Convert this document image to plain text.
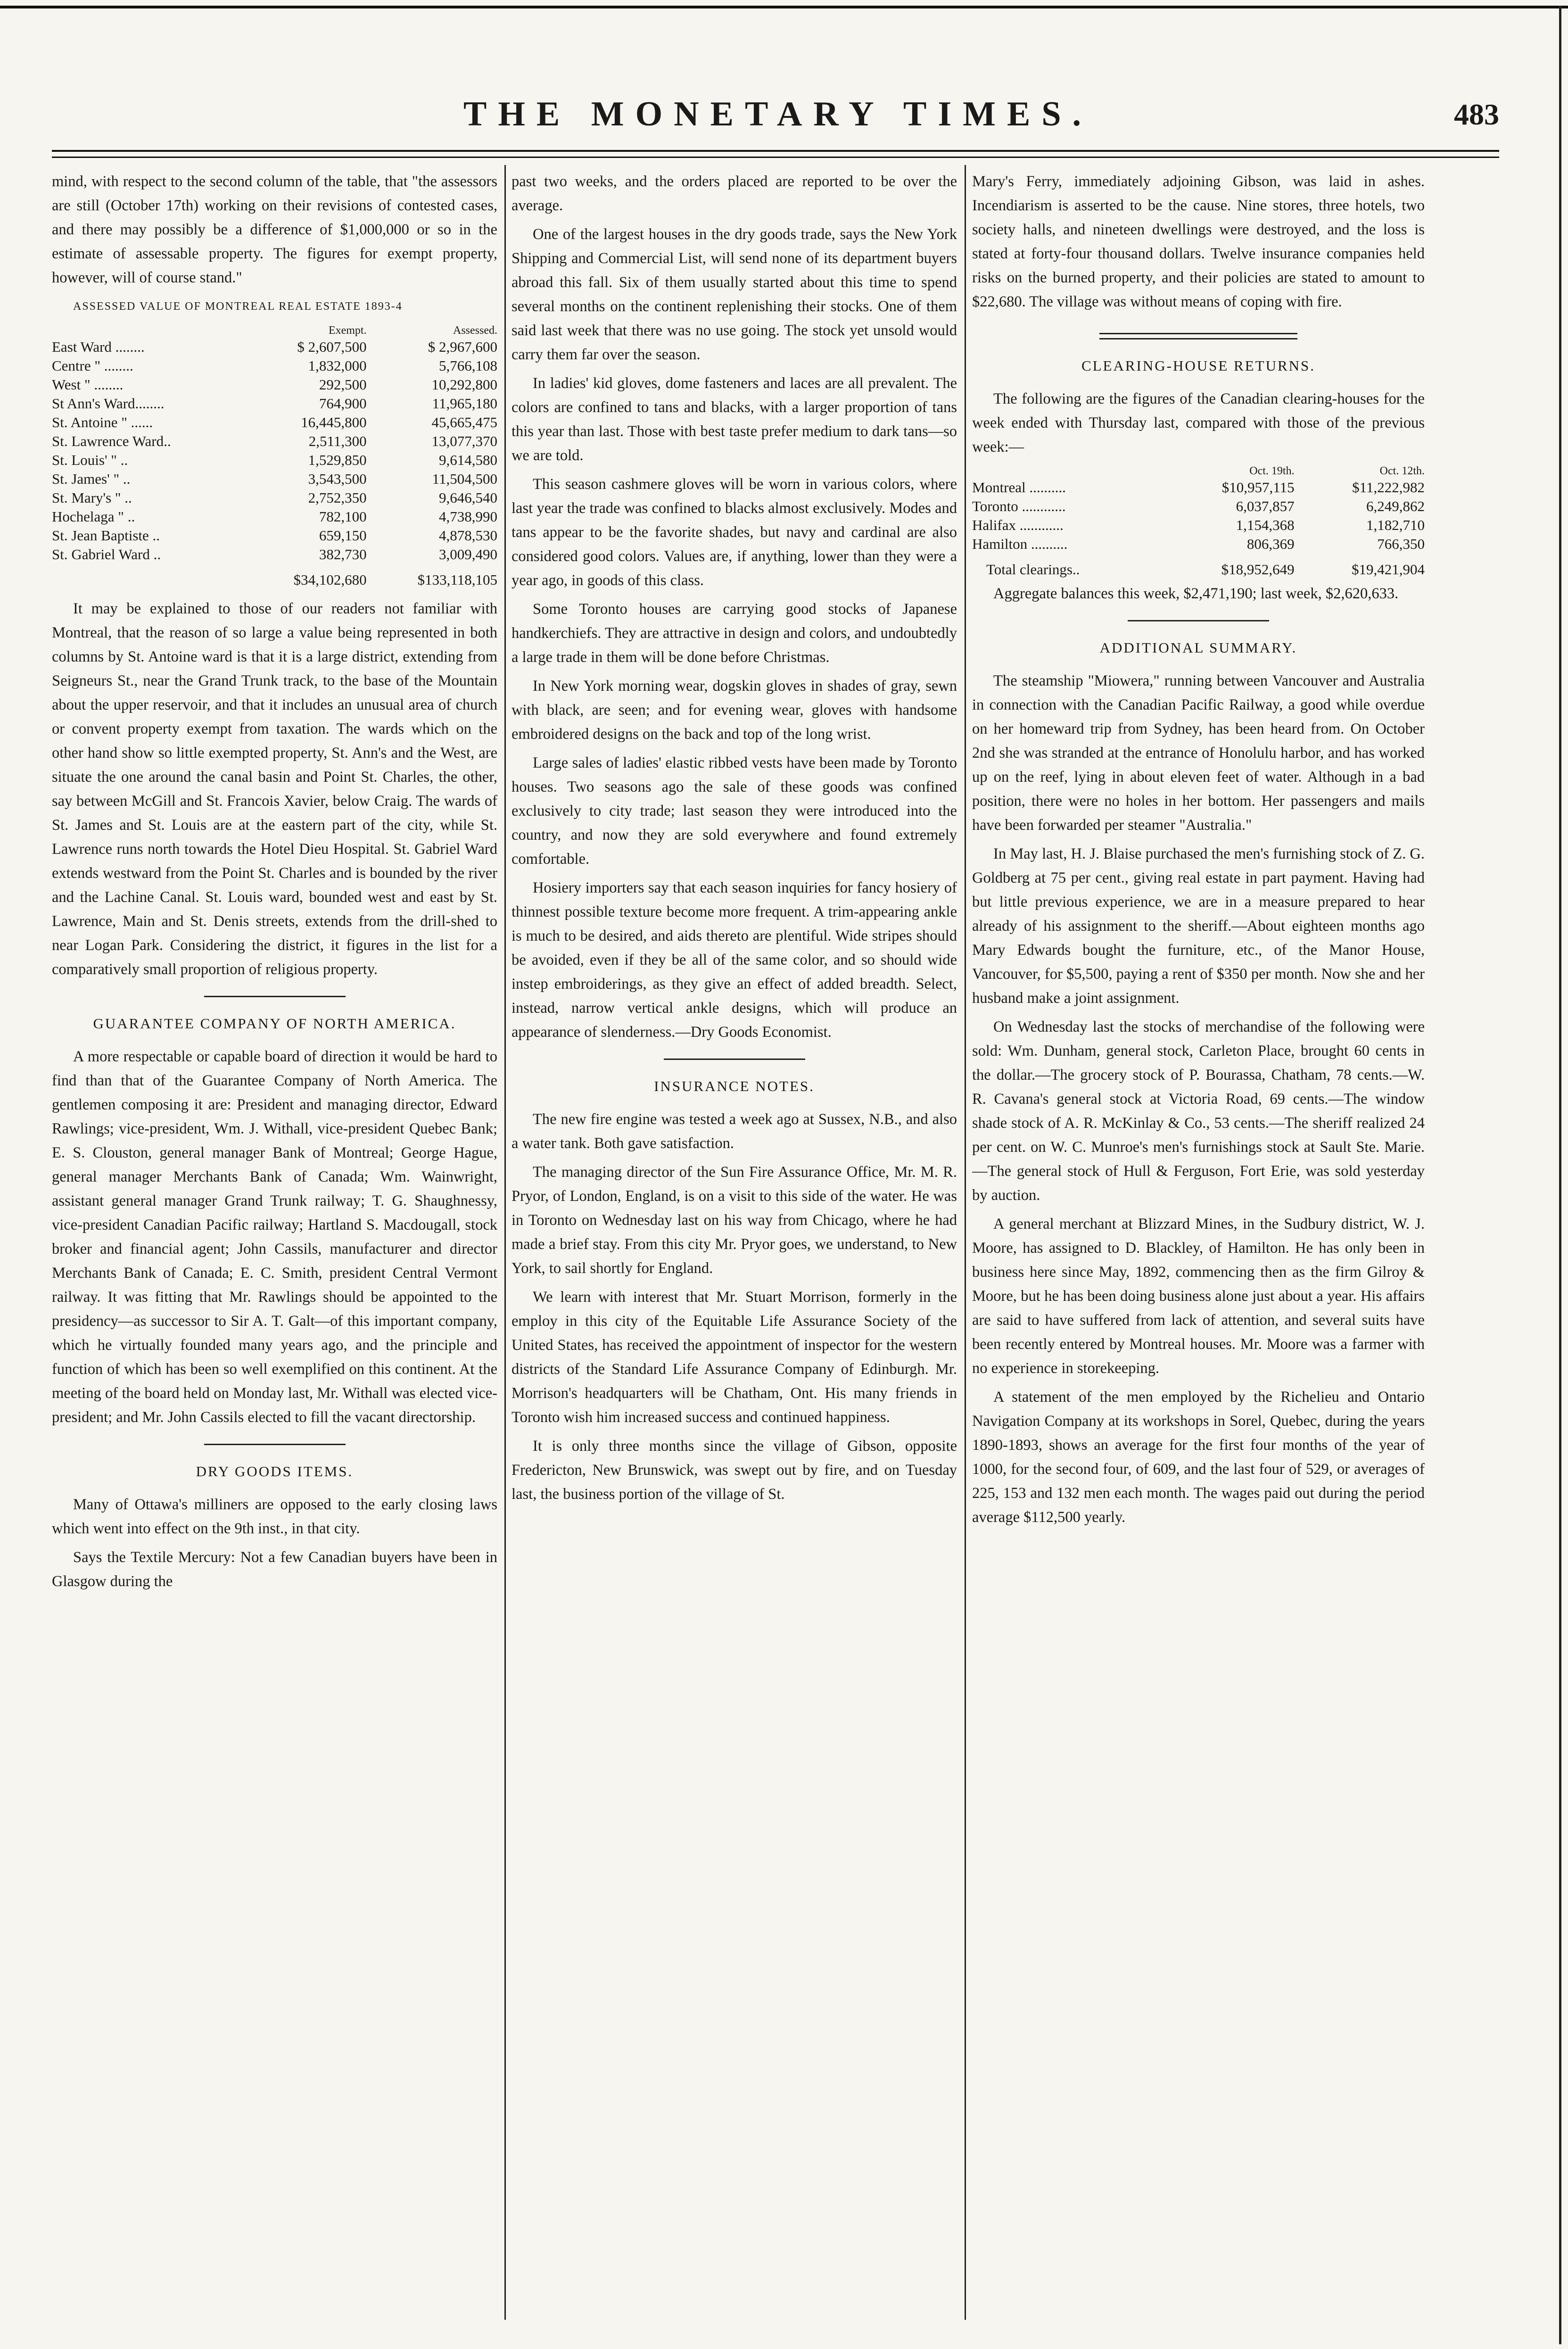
THE MONETARY TIMES.	483

mind, with respect to the second column of the table, that "the assessors are still (October 17th) working on their revisions of contested cases, and there may possibly be a difference of $1,000,000 or so in the estimate of assessable property. The figures for exempt property, however, will of course stand."

ASSESSED VALUE OF MONTREAL REAL ESTATE 1893-4

	Exempt.	Assessed.
East Ward ........	$ 2,607,500	$ 2,967,600
Centre " ........	1,832,000	5,766,108
West " ........	292,500	10,292,800
St Ann's Ward........	764,900	11,965,180
St. Antoine " ......	16,445,800	45,665,475
St. Lawrence Ward..	2,511,300	13,077,370
St. Louis' " ..	1,529,850	9,614,580
St. James' " ..	3,543,500	11,504,500
St. Mary's " ..	2,752,350	9,646,540
Hochelaga " ..	782,100	4,738,990
St. Jean Baptiste ..	659,150	4,878,530
St. Gabriel Ward ..	382,730	3,009,490
	$34,102,680	$133,118,105

It may be explained to those of our readers not familiar with Montreal, that the reason of so large a value being represented in both columns by St. Antoine ward is that it is a large district, extending from Seigneurs St., near the Grand Trunk track, to the base of the Mountain about the upper reservoir, and that it includes an unusual area of church or convent property exempt from taxation. The wards which on the other hand show so little exempted property, St. Ann's and the West, are situate the one around the canal basin and Point St. Charles, the other, say between McGill and St. Francois Xavier, below Craig. The wards of St. James and St. Louis are at the eastern part of the city, while St. Lawrence runs north towards the Hotel Dieu Hospital. St. Gabriel Ward extends westward from the Point St. Charles and is bounded by the river and the Lachine Canal. St. Louis ward, bounded west and east by St. Lawrence, Main and St. Denis streets, extends from the drill-shed to near Logan Park. Considering the district, it figures in the list for a comparatively small proportion of religious property.

GUARANTEE COMPANY OF NORTH AMERICA.

A more respectable or capable board of direction it would be hard to find than that of the Guarantee Company of North America. The gentlemen composing it are: President and managing director, Edward Rawlings; vice-president, Wm. J. Withall, vice-president Quebec Bank; E. S. Clouston, general manager Bank of Montreal; George Hague, general manager Merchants Bank of Canada; Wm. Wainwright, assistant general manager Grand Trunk railway; T. G. Shaughnessy, vice-president Canadian Pacific railway; Hartland S. Macdougall, stock broker and financial agent; John Cassils, manufacturer and director Merchants Bank of Canada; E. C. Smith, president Central Vermont railway. It was fitting that Mr. Rawlings should be appointed to the presidency—as successor to Sir A. T. Galt—of this important company, which he virtually founded many years ago, and the principle and function of which has been so well exemplified on this continent. At the meeting of the board held on Monday last, Mr. Withall was elected vice-president; and Mr. John Cassils elected to fill the vacant directorship.

DRY GOODS ITEMS.

Many of Ottawa's milliners are opposed to the early closing laws which went into effect on the 9th inst., in that city.

Says the Textile Mercury: Not a few Canadian buyers have been in Glasgow during the

past two weeks, and the orders placed are reported to be over the average.

One of the largest houses in the dry goods trade, says the New York Shipping and Commercial List, will send none of its department buyers abroad this fall. Six of them usually started about this time to spend several months on the continent replenishing their stocks. One of them said last week that there was no use going. The stock yet unsold would carry them far over the season.

In ladies' kid gloves, dome fasteners and laces are all prevalent. The colors are confined to tans and blacks, with a larger proportion of tans this year than last. Those with best taste prefer medium to dark tans—so we are told.

This season cashmere gloves will be worn in various colors, where last year the trade was confined to blacks almost exclusively. Modes and tans appear to be the favorite shades, but navy and cardinal are also considered good colors. Values are, if anything, lower than they were a year ago, in goods of this class.

Some Toronto houses are carrying good stocks of Japanese handkerchiefs. They are attractive in design and colors, and undoubtedly a large trade in them will be done before Christmas.

In New York morning wear, dogskin gloves in shades of gray, sewn with black, are seen; and for evening wear, gloves with handsome embroidered designs on the back and top of the long wrist.

Large sales of ladies' elastic ribbed vests have been made by Toronto houses. Two seasons ago the sale of these goods was confined exclusively to city trade; last season they were introduced into the country, and now they are sold everywhere and found extremely comfortable.

Hosiery importers say that each season inquiries for fancy hosiery of thinnest possible texture become more frequent. A trim-appearing ankle is much to be desired, and aids thereto are plentiful. Wide stripes should be avoided, even if they be all of the same color, and so should wide instep embroiderings, as they give an effect of added breadth. Select, instead, narrow vertical ankle designs, which will produce an appearance of slenderness.—Dry Goods Economist.

INSURANCE NOTES.

The new fire engine was tested a week ago at Sussex, N.B., and also a water tank. Both gave satisfaction.

The managing director of the Sun Fire Assurance Office, Mr. M. R. Pryor, of London, England, is on a visit to this side of the water. He was in Toronto on Wednesday last on his way from Chicago, where he had made a brief stay. From this city Mr. Pryor goes, we understand, to New York, to sail shortly for England.

We learn with interest that Mr. Stuart Morrison, formerly in the employ in this city of the Equitable Life Assurance Society of the United States, has received the appointment of inspector for the western districts of the Standard Life Assurance Company of Edinburgh. Mr. Morrison's headquarters will be Chatham, Ont. His many friends in Toronto wish him increased success and continued happiness.

It is only three months since the village of Gibson, opposite Fredericton, New Brunswick, was swept out by fire, and on Tuesday last, the business portion of the village of St.

Mary's Ferry, immediately adjoining Gibson, was laid in ashes. Incendiarism is asserted to be the cause. Nine stores, three hotels, two society halls, and nineteen dwellings were destroyed, and the loss is stated at forty-four thousand dollars. Twelve insurance companies held risks on the burned property, and their policies are stated to amount to $22,680. The village was without means of coping with fire.

CLEARING-HOUSE RETURNS.

The following are the figures of the Canadian clearing-houses for the week ended with Thursday last, compared with those of the previous week:—

	Oct. 19th.	Oct. 12th.
Montreal ..........	$10,957,115	$11,222,982
Toronto ............	6,037,857	6,249,862
Halifax ............	1,154,368	1,182,710
Hamilton ..........	806,369	766,350
Total clearings..	$18,952,649	$19,421,904

Aggregate balances this week, $2,471,190; last week, $2,620,633.

ADDITIONAL SUMMARY.

The steamship "Miowera," running between Vancouver and Australia in connection with the Canadian Pacific Railway, a good while overdue on her homeward trip from Sydney, has been heard from. On October 2nd she was stranded at the entrance of Honolulu harbor, and has worked up on the reef, lying in about eleven feet of water. Although in a bad position, there were no holes in her bottom. Her passengers and mails have been forwarded per steamer "Australia."

In May last, H. J. Blaise purchased the men's furnishing stock of Z. G. Goldberg at 75 per cent., giving real estate in part payment. Having had but little previous experience, we are in a measure prepared to hear already of his assignment to the sheriff.—About eighteen months ago Mary Edwards bought the furniture, etc., of the Manor House, Vancouver, for $5,500, paying a rent of $350 per month. Now she and her husband make a joint assignment.

On Wednesday last the stocks of merchandise of the following were sold: Wm. Dunham, general stock, Carleton Place, brought 60 cents in the dollar.—The grocery stock of P. Bourassa, Chatham, 78 cents.—W. R. Cavana's general stock at Victoria Road, 69 cents.—The window shade stock of A. R. McKinlay & Co., 53 cents.—The sheriff realized 24 per cent. on W. C. Munroe's men's furnishings stock at Sault Ste. Marie.—The general stock of Hull & Ferguson, Fort Erie, was sold yesterday by auction.

A general merchant at Blizzard Mines, in the Sudbury district, W. J. Moore, has assigned to D. Blackley, of Hamilton. He has only been in business here since May, 1892, commencing then as the firm Gilroy & Moore, but he has been doing business alone just about a year. His affairs are said to have suffered from lack of attention, and several suits have been recently entered by Montreal houses. Mr. Moore was a farmer with no experience in storekeeping.

A statement of the men employed by the Richelieu and Ontario Navigation Company at its workshops in Sorel, Quebec, during the years 1890-1893, shows an average for the first four months of the year of 1000, for the second four, of 609, and the last four of 529, or averages of 225, 153 and 132 men each month. The wages paid out during the period average $112,500 yearly.
